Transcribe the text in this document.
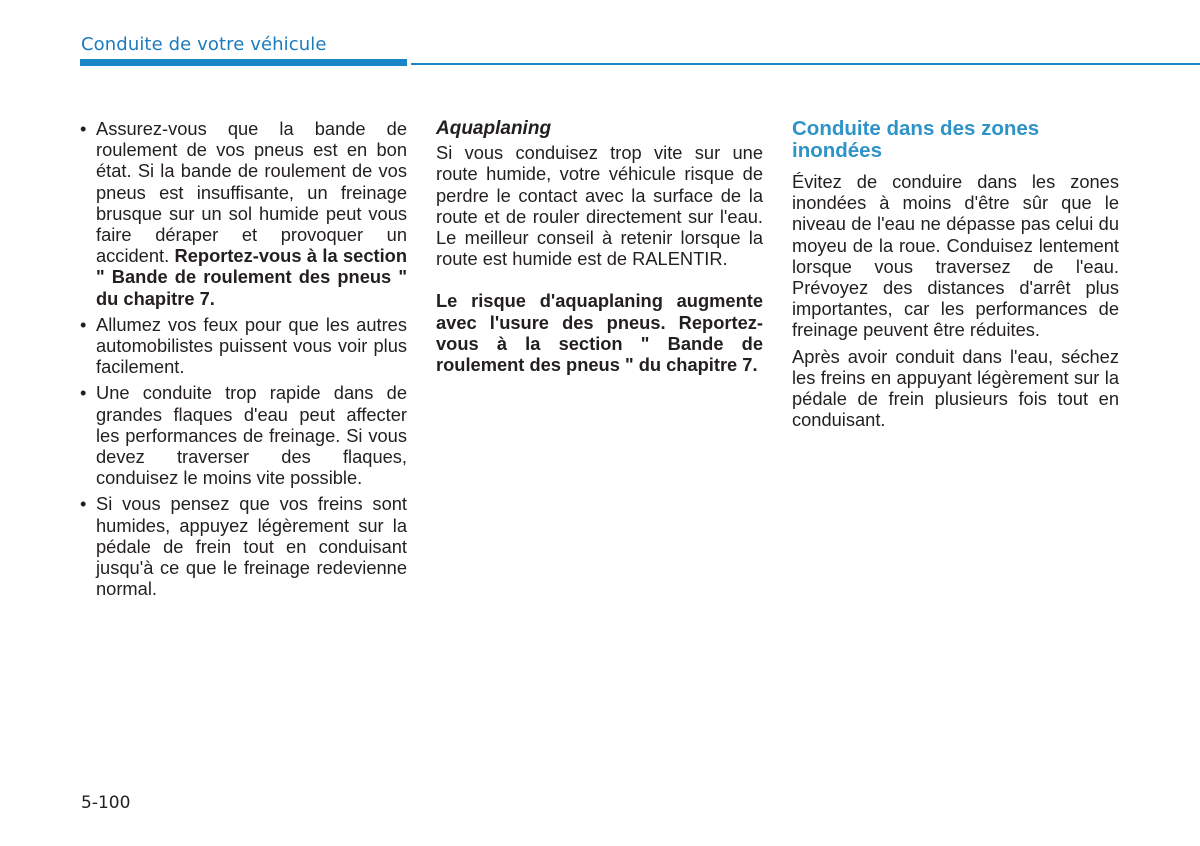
Conduite de votre véhicule
• Assurez-vous que la bande de roulement de vos pneus est en bon état. Si la bande de roulement de vos pneus est insuffisante, un freinage brusque sur un sol humide peut vous faire déraper et provoquer un accident. Reportez-vous à la section " Bande de roulement des pneus " du chapitre 7.
• Allumez vos feux pour que les autres automobilistes puissent vous voir plus facilement.
• Une conduite trop rapide dans de grandes flaques d'eau peut affecter les performances de freinage. Si vous devez traverser des flaques, conduisez le moins vite possible.
• Si vous pensez que vos freins sont humides, appuyez légèrement sur la pédale de frein tout en conduisant jusqu'à ce que le freinage redevienne normal.
Aquaplaning

Si vous conduisez trop vite sur une route humide, votre véhicule risque de perdre le contact avec la surface de la route et de rouler directement sur l'eau. Le meilleur conseil à retenir lorsque la route est humide est de RALENTIR.

Le risque d'aquaplaning augmente avec l'usure des pneus. Reportez-vous à la section " Bande de roulement des pneus " du chapitre 7.

Conduite dans des zones inondées

Évitez de conduire dans les zones inondées à moins d'être sûr que le niveau de l'eau ne dépasse pas celui du moyeu de la roue. Conduisez lentement lorsque vous traversez de l'eau. Prévoyez des distances d'arrêt plus importantes, car les performances de freinage peuvent être réduites.

Après avoir conduit dans l'eau, séchez les freins en appuyant légèrement sur la pédale de frein plusieurs fois tout en conduisant.

5-100
